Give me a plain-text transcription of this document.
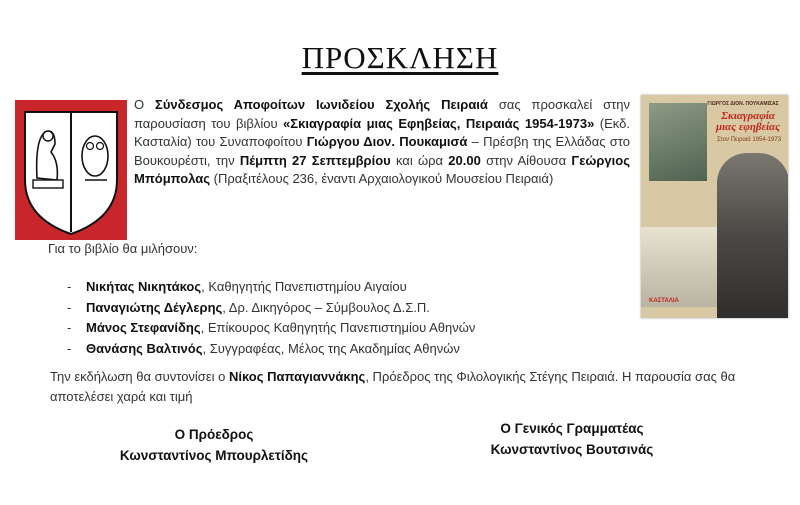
ΠΡΟΣΚΛΗΣΗ
Ο Σύνδεσμος Αποφοίτων Ιωνιδείου Σχολής Πειραιά σας προσκαλεί στην παρουσίαση του βιβλίου «Σκιαγραφία μιας Εφηβείας, Πειραιάς 1954-1973» (Εκδ. Κασταλία) του Συναποφοίτου Γιώργου Διον. Πουκαμισά – Πρέσβη της Ελλάδας στο Βουκουρέστι, την Πέμπτη 27 Σεπτεμβρίου και ώρα 20.00 στην Αίθουσα Γεώργιος Μπόμπολας (Πραξιτέλους 236, έναντι Αρχαιολογικού Μουσείου Πειραιά)
ΓΙΩΡΓΟΣ ΔΙΟΝ. ΠΟΥΚΑΜΙΣΑΣ
Σκιαγραφία
μιας εφηβείας
Στον Πειραιά 1954-1973
ΚΑΣΤΑΛΙΑ
Για το βιβλίο θα μιλήσουν:
- Νικήτας Νικητάκος, Καθηγητής Πανεπιστημίου Αιγαίου
- Παναγιώτης Δέγλερης, Δρ. Δικηγόρος – Σύμβουλος Δ.Σ.Π.
- Μάνος Στεφανίδης, Επίκουρος Καθηγητής Πανεπιστημίου Αθηνών
- Θανάσης Βαλτινός, Συγγραφέας, Μέλος της Ακαδημίας Αθηνών
Την εκδήλωση θα συντονίσει ο Νίκος Παπαγιαννάκης, Πρόεδρος της Φιλολογικής Στέγης Πειραιά. Η παρουσία σας θα αποτελέσει χαρά και τιμή
Ο Πρόεδρος
Κωνσταντίνος Μπουρλετίδης
Ο Γενικός Γραμματέας
Κωνσταντίνος Βουτσινάς
